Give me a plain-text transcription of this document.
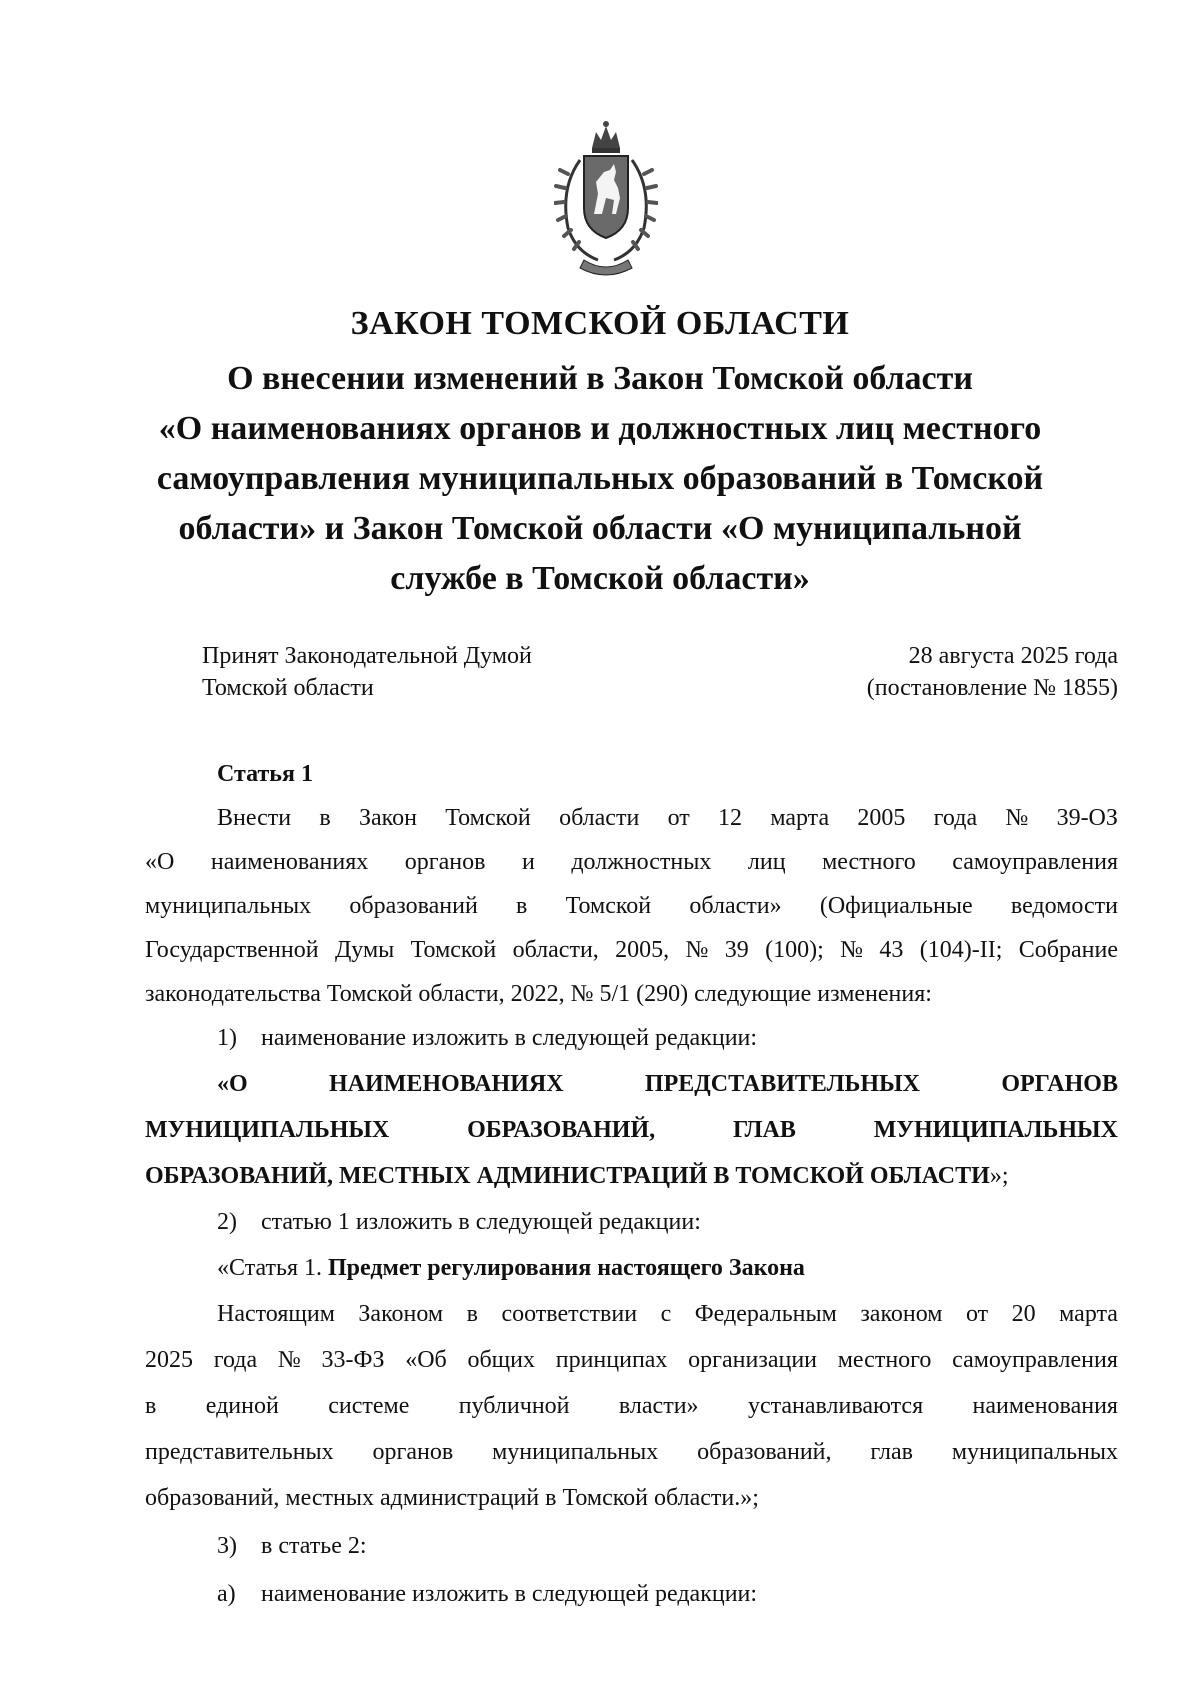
ЗАКОН ТОМСКОЙ ОБЛАСТИ
О внесении изменений в Закон Томской области
«О наименованиях органов и должностных лиц местного
самоуправления муниципальных образований в Томской
области» и Закон Томской области «О муниципальной
службе в Томской области»
Принят Законодательной Думой
Томской области
28 августа 2025 года
(постановление № 1855)
Статья 1
Внести в Закон Томской области от 12 марта 2005 года № 39-ОЗ
«О наименованиях органов и должностных лиц местного самоуправления
муниципальных образований в Томской области» (Официальные ведомости
Государственной Думы Томской области, 2005, № 39 (100); № 43 (104)-II; Собрание
законодательства Томской области, 2022, № 5/1 (290) следующие изменения:
1) наименование изложить в следующей редакции:
«О	НАИМЕНОВАНИЯХ	ПРЕДСТАВИТЕЛЬНЫХ	ОРГАНОВ
МУНИЦИПАЛЬНЫХ	ОБРАЗОВАНИЙ,	ГЛАВ	МУНИЦИПАЛЬНЫХ
ОБРАЗОВАНИЙ, МЕСТНЫХ АДМИНИСТРАЦИЙ В ТОМСКОЙ ОБЛАСТИ»;
2) статью 1 изложить в следующей редакции:
«Статья 1. Предмет регулирования настоящего Закона
Настоящим Законом в соответствии с Федеральным законом от 20 марта
2025 года № 33-ФЗ «Об общих принципах организации местного самоуправления
в единой системе публичной власти» устанавливаются наименования
представительных органов муниципальных образований, глав муниципальных
образований, местных администраций в Томской области.»;
3) в статье 2:
а) наименование изложить в следующей редакции:
